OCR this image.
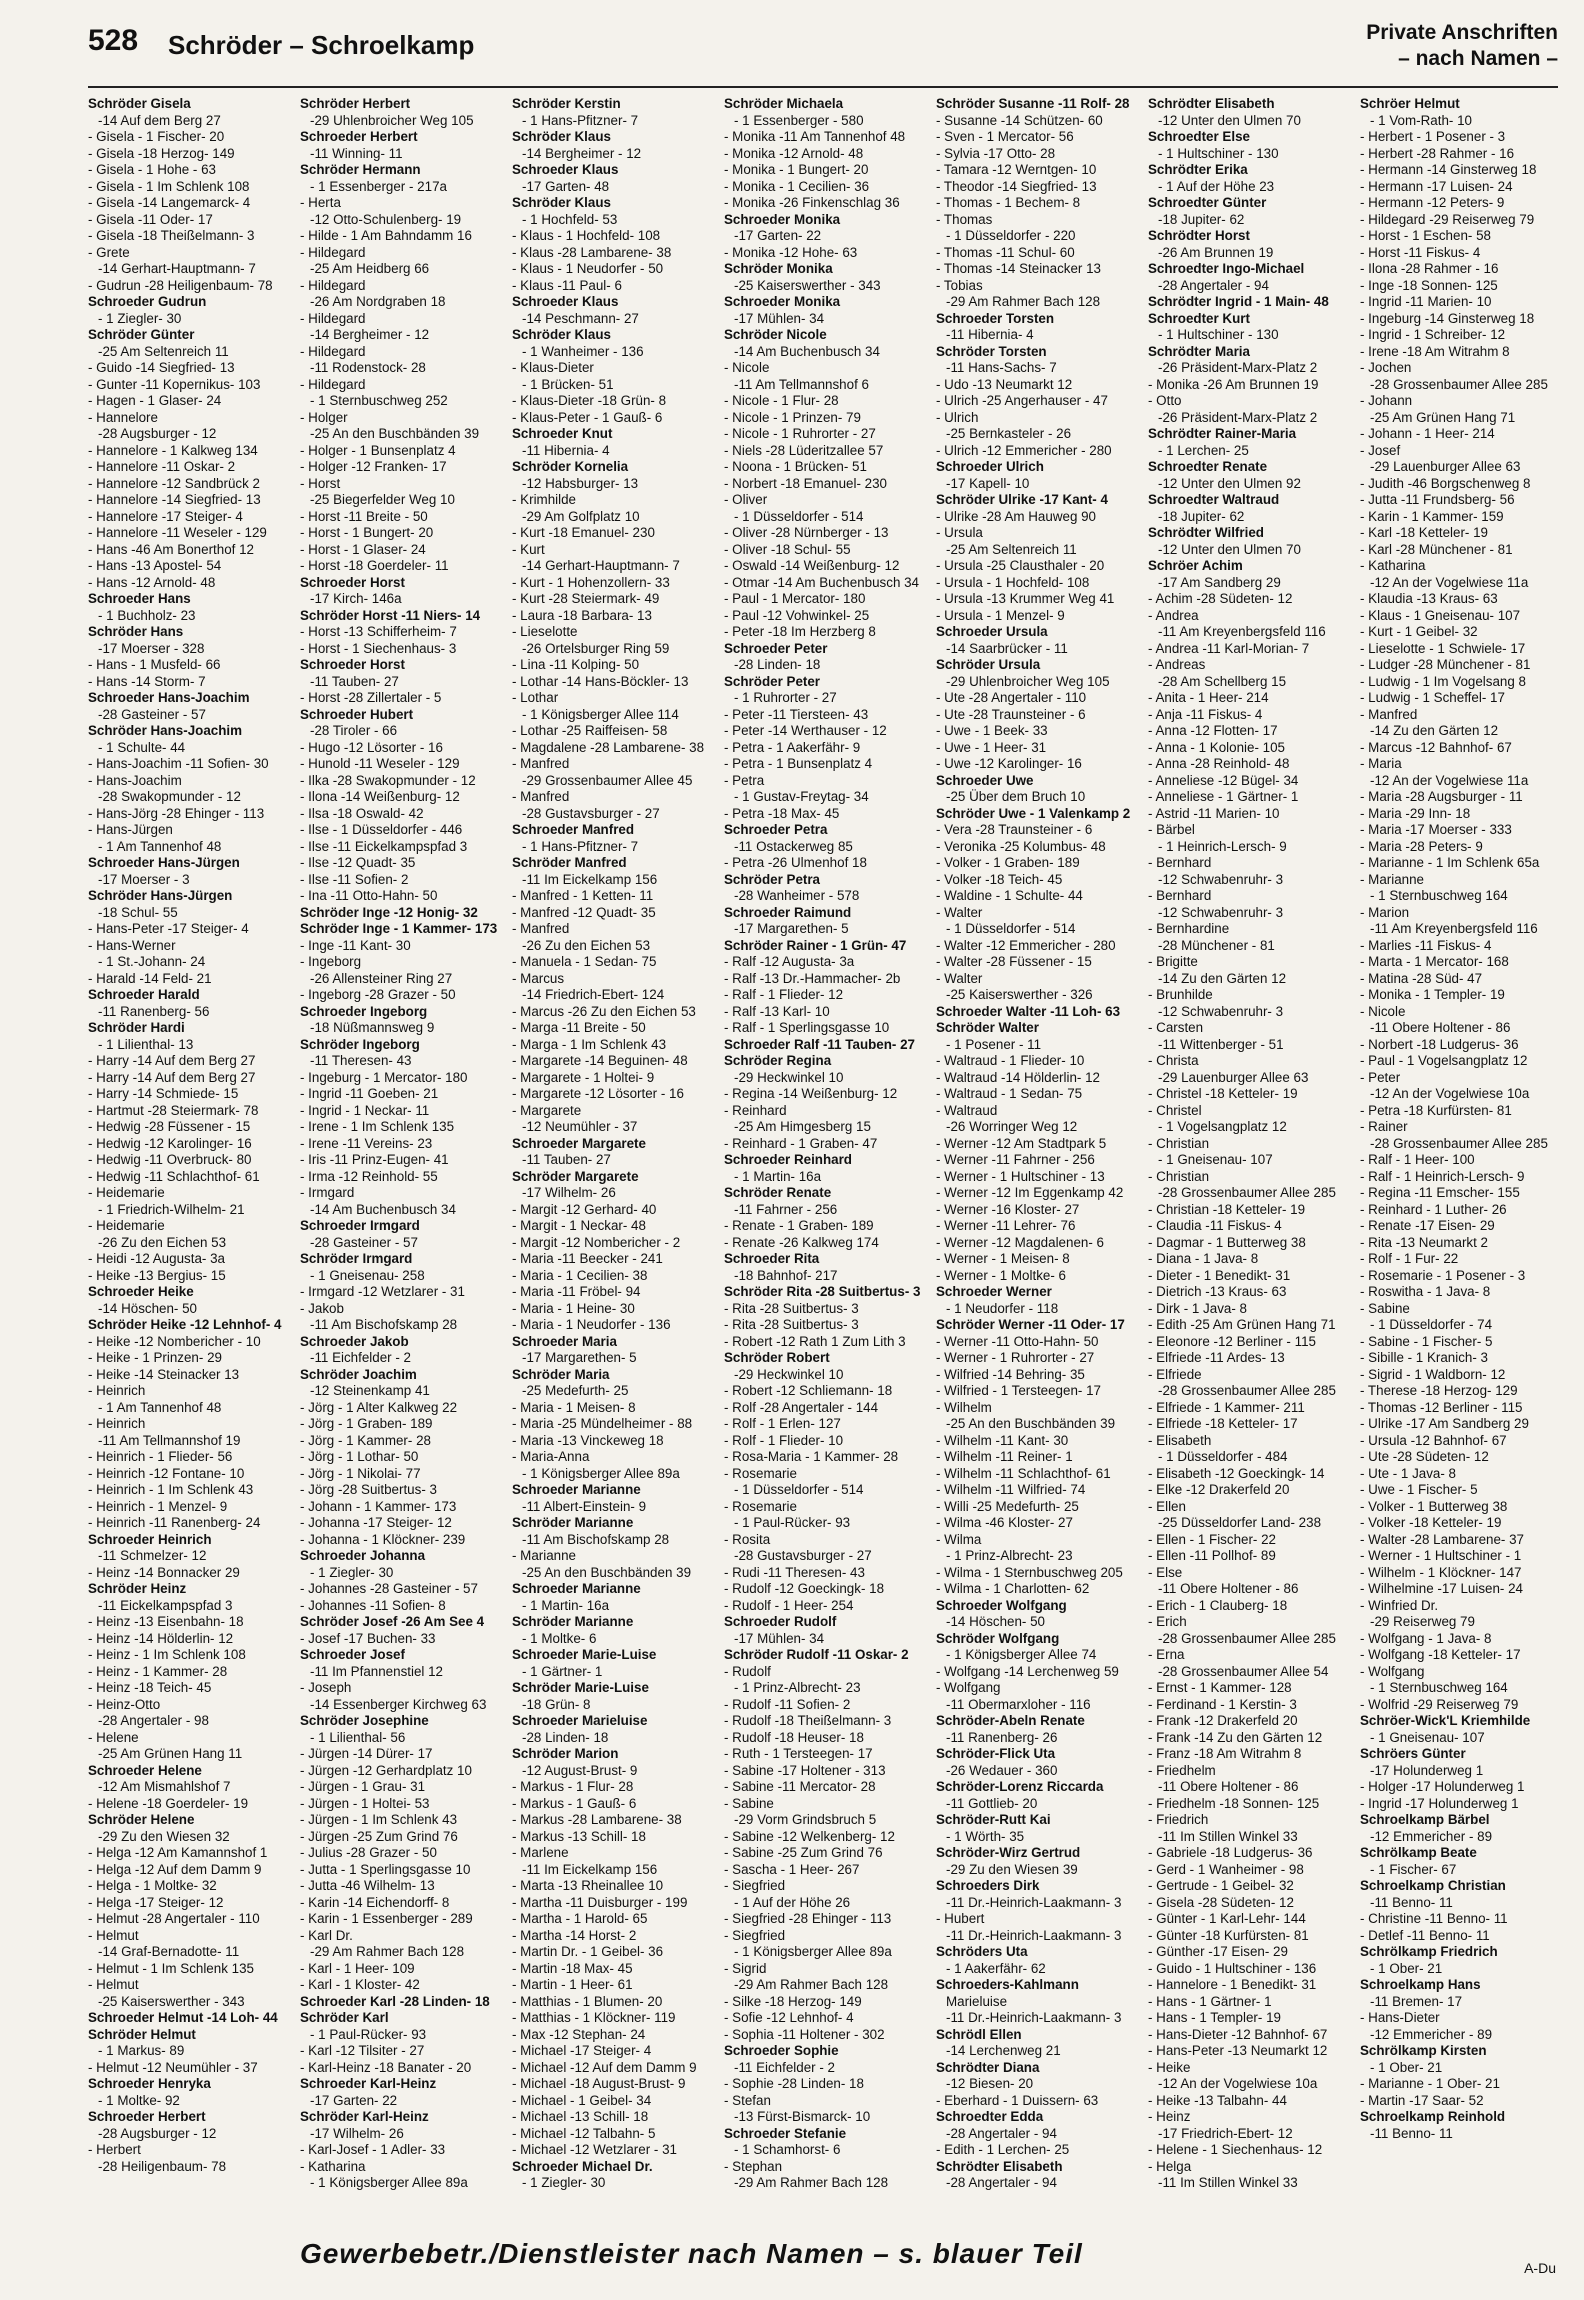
528 Schröder – Schroelkamp	Private Anschriften
– nach Namen –
Schröder Gisela
-14 Auf dem Berg 27
- Gisela - 1 Fischer- 20
- Gisela -18 Herzog- 149
- Gisela - 1 Hohe - 63
- Gisela - 1 Im Schlenk 108
- Gisela -14 Langemarck- 4
- Gisela -11 Oder- 17
- Gisela -18 Theißelmann- 3
- Grete
-14 Gerhart-Hauptmann- 7
- Gudrun -28 Heiligenbaum- 78
Schroeder Gudrun
- 1 Ziegler- 30
Schröder Günter
-25 Am Seltenreich 11
- Guido -14 Siegfried- 13
- Gunter -11 Kopernikus- 103
- Hagen - 1 Glaser- 24
- Hannelore
-28 Augsburger - 12
- Hannelore - 1 Kalkweg 134
- Hannelore -11 Oskar- 2
- Hannelore -12 Sandbrück 2
- Hannelore -14 Siegfried- 13
- Hannelore -17 Steiger- 4
- Hannelore -11 Weseler - 129
- Hans -46 Am Bonerthof 12
- Hans -13 Apostel- 54
- Hans -12 Arnold- 48
Schroeder Hans
- 1 Buchholz- 23
Schröder Hans
-17 Moerser - 328
- Hans - 1 Musfeld- 66
- Hans -14 Storm- 7
Schroeder Hans-Joachim
-28 Gasteiner - 57
Schröder Hans-Joachim
- 1 Schulte- 44
- Hans-Joachim -11 Sofien- 30
- Hans-Joachim
-28 Swakopmunder - 12
- Hans-Jörg -28 Ehinger - 113
- Hans-Jürgen
- 1 Am Tannenhof 48
Schroeder Hans-Jürgen
-17 Moerser - 3
Schröder Hans-Jürgen
-18 Schul- 55
- Hans-Peter -17 Steiger- 4
- Hans-Werner
- 1 St.-Johann- 24
- Harald -14 Feld- 21
Schroeder Harald
-11 Ranenberg- 56
Schröder Hardi
- 1 Lilienthal- 13
- Harry -14 Auf dem Berg 27
- Harry -14 Auf dem Berg 27
- Harry -14 Schmiede- 15
- Hartmut -28 Steiermark- 78
- Hedwig -28 Füssener - 15
- Hedwig -12 Karolinger- 16
- Hedwig -11 Overbruck- 80
- Hedwig -11 Schlachthof- 61
- Heidemarie
- 1 Friedrich-Wilhelm- 21
- Heidemarie
-26 Zu den Eichen 53
- Heidi -12 Augusta- 3a
- Heike -13 Bergius- 15
Schroeder Heike
-14 Höschen- 50
Schröder Heike -12 Lehnhof- 4
- Heike -12 Nombericher - 10
- Heike - 1 Prinzen- 29
- Heike -14 Steinacker 13
- Heinrich
- 1 Am Tannenhof 48
- Heinrich
-11 Am Tellmannshof 19
- Heinrich - 1 Flieder- 56
- Heinrich -12 Fontane- 10
- Heinrich - 1 Im Schlenk 43
- Heinrich - 1 Menzel- 9
- Heinrich -11 Ranenberg- 24
Schroeder Heinrich
-11 Schmelzer- 12
- Heinz -14 Bonnacker 29
Schröder Heinz
-11 Eickelkampspfad 3
- Heinz -13 Eisenbahn- 18
- Heinz -14 Hölderlin- 12
- Heinz - 1 Im Schlenk 108
- Heinz - 1 Kammer- 28
- Heinz -18 Teich- 45
- Heinz-Otto
-28 Angertaler - 98
- Helene
-25 Am Grünen Hang 11
Schroeder Helene
-12 Am Mismahlshof 7
- Helene -18 Goerdeler- 19
Schröder Helene
-29 Zu den Wiesen 32
- Helga -12 Am Kamannshof 1
- Helga -12 Auf dem Damm 9
- Helga - 1 Moltke- 32
- Helga -17 Steiger- 12
- Helmut -28 Angertaler - 110
- Helmut
-14 Graf-Bernadotte- 11
- Helmut - 1 Im Schlenk 135
- Helmut
-25 Kaiserswerther - 343
Schroeder Helmut -14 Loh- 44
Schröder Helmut
- 1 Markus- 89
- Helmut -12 Neumühler - 37
Schroeder Henryka
- 1 Moltke- 92
Schroeder Herbert
-28 Augsburger - 12
- Herbert
-28 Heiligenbaum- 78
Schröder Herbert
-29 Uhlenbroicher Weg 105
Schroeder Herbert
-11 Winning- 11
Schröder Hermann
- 1 Essenberger - 217a
- Herta
-12 Otto-Schulenberg- 19
- Hilde - 1 Am Bahndamm 16
- Hildegard
-25 Am Heidberg 66
- Hildegard
-26 Am Nordgraben 18
- Hildegard
-14 Bergheimer - 12
- Hildegard
-11 Rodenstock- 28
- Hildegard
- 1 Sternbuschweg 252
- Holger
-25 An den Buschbänden 39
- Holger - 1 Bunsenplatz 4
- Holger -12 Franken- 17
- Horst
-25 Biegerfelder Weg 10
- Horst -11 Breite - 50
- Horst - 1 Bungert- 20
- Horst - 1 Glaser- 24
- Horst -18 Goerdeler- 11
Schroeder Horst
-17 Kirch- 146a
Schröder Horst -11 Niers- 14
- Horst -13 Schifferheim- 7
- Horst - 1 Siechenhaus- 3
Schroeder Horst
-11 Tauben- 27
- Horst -28 Zillertaler - 5
Schroeder Hubert
-28 Tiroler - 66
- Hugo -12 Lösorter - 16
- Hunold -11 Weseler - 129
- Ilka -28 Swakopmunder - 12
- Ilona -14 Weißenburg- 12
- Ilsa -18 Oswald- 42
- Ilse - 1 Düsseldorfer - 446
- Ilse -11 Eickelkampspfad 3
- Ilse -12 Quadt- 35
- Ilse -11 Sofien- 2
- Ina -11 Otto-Hahn- 50
Schröder Inge -12 Honig- 32
Schröder Inge - 1 Kammer- 173
- Inge -11 Kant- 30
- Ingeborg
-26 Allensteiner Ring 27
- Ingeborg -28 Grazer - 50
Schroeder Ingeborg
-18 Nüßmannsweg 9
Schröder Ingeborg
-11 Theresen- 43
- Ingeburg - 1 Mercator- 180
- Ingrid -11 Goeben- 21
- Ingrid - 1 Neckar- 11
- Irene - 1 Im Schlenk 135
- Irene -11 Vereins- 23
- Iris -11 Prinz-Eugen- 41
- Irma -12 Reinhold- 55
- Irmgard
-14 Am Buchenbusch 34
Schroeder Irmgard
-28 Gasteiner - 57
Schröder Irmgard
- 1 Gneisenau- 258
- Irmgard -12 Wetzlarer - 31
- Jakob
-11 Am Bischofskamp 28
Schroeder Jakob
-11 Eichfelder - 2
Schröder Joachim
-12 Steinenkamp 41
- Jörg - 1 Alter Kalkweg 22
- Jörg - 1 Graben- 189
- Jörg - 1 Kammer- 28
- Jörg - 1 Lothar- 50
- Jörg - 1 Nikolai- 77
- Jörg -28 Suitbertus- 3
- Johann - 1 Kammer- 173
- Johanna -17 Steiger- 12
- Johanna - 1 Klöckner- 239
Schroeder Johanna
- 1 Ziegler- 30
- Johannes -28 Gasteiner - 57
- Johannes -11 Sofien- 8
Schröder Josef -26 Am See 4
- Josef -17 Buchen- 33
Schroeder Josef
-11 Im Pfannenstiel 12
- Joseph
-14 Essenberger Kirchweg 63
Schröder Josephine
- 1 Lilienthal- 56
- Jürgen -14 Dürer- 17
- Jürgen -12 Gerhardplatz 10
- Jürgen - 1 Grau- 31
- Jürgen - 1 Holtei- 53
- Jürgen - 1 Im Schlenk 43
- Jürgen -25 Zum Grind 76
- Julius -28 Grazer - 50
- Jutta - 1 Sperlingsgasse 10
- Jutta -46 Wilhelm- 13
- Karin -14 Eichendorff- 8
- Karin - 1 Essenberger - 289
- Karl Dr.
-29 Am Rahmer Bach 128
- Karl - 1 Heer- 109
- Karl - 1 Kloster- 42
Schroeder Karl -28 Linden- 18
Schröder Karl
- 1 Paul-Rücker- 93
- Karl -12 Tilsiter - 27
- Karl-Heinz -18 Banater - 20
Schroeder Karl-Heinz
-17 Garten- 22
Schröder Karl-Heinz
-17 Wilhelm- 26
- Karl-Josef - 1 Adler- 33
- Katharina
- 1 Königsberger Allee 89a
Schröder Kerstin
- 1 Hans-Pfitzner- 7
Schröder Klaus
-14 Bergheimer - 12
Schroeder Klaus
-17 Garten- 48
Schröder Klaus
- 1 Hochfeld- 53
- Klaus - 1 Hochfeld- 108
- Klaus -28 Lambarene- 38
- Klaus - 1 Neudorfer - 50
- Klaus -11 Paul- 6
Schroeder Klaus
-14 Peschmann- 27
Schröder Klaus
- 1 Wanheimer - 136
- Klaus-Dieter
- 1 Brücken- 51
- Klaus-Dieter -18 Grün- 8
- Klaus-Peter - 1 Gauß- 6
Schroeder Knut
-11 Hibernia- 4
Schröder Kornelia
-12 Habsburger- 13
- Krimhilde
-29 Am Golfplatz 10
- Kurt -18 Emanuel- 230
- Kurt
-14 Gerhart-Hauptmann- 7
- Kurt - 1 Hohenzollern- 33
- Kurt -28 Steiermark- 49
- Laura -18 Barbara- 13
- Lieselotte
-26 Ortelsburger Ring 59
- Lina -11 Kolping- 50
- Lothar -14 Hans-Böckler- 13
- Lothar
- 1 Königsberger Allee 114
- Lothar -25 Raiffeisen- 58
- Magdalene -28 Lambarene- 38
- Manfred
-29 Grossenbaumer Allee 45
- Manfred
-28 Gustavsburger - 27
Schroeder Manfred
- 1 Hans-Pfitzner- 7
Schröder Manfred
-11 Im Eickelkamp 156
- Manfred - 1 Ketten- 11
- Manfred -12 Quadt- 35
- Manfred
-26 Zu den Eichen 53
- Manuela - 1 Sedan- 75
- Marcus
-14 Friedrich-Ebert- 124
- Marcus -26 Zu den Eichen 53
- Marga -11 Breite - 50
- Marga - 1 Im Schlenk 43
- Margarete -14 Beguinen- 48
- Margarete - 1 Holtei- 9
- Margarete -12 Lösorter - 16
- Margarete
-12 Neumühler - 37
Schroeder Margarete
-11 Tauben- 27
Schröder Margarete
-17 Wilhelm- 26
- Margit -12 Gerhard- 40
- Margit - 1 Neckar- 48
- Margit -12 Nombericher - 2
- Maria -11 Beecker - 241
- Maria - 1 Cecilien- 38
- Maria -11 Fröbel- 94
- Maria - 1 Heine- 30
- Maria - 1 Neudorfer - 136
Schroeder Maria
-17 Margarethen- 5
Schröder Maria
-25 Medefurth- 25
- Maria - 1 Meisen- 8
- Maria -25 Mündelheimer - 88
- Maria -13 Vinckeweg 18
- Maria-Anna
- 1 Königsberger Allee 89a
Schroeder Marianne
-11 Albert-Einstein- 9
Schröder Marianne
-11 Am Bischofskamp 28
- Marianne
-25 An den Buschbänden 39
Schroeder Marianne
- 1 Martin- 16a
Schröder Marianne
- 1 Moltke- 6
Schroeder Marie-Luise
- 1 Gärtner- 1
Schröder Marie-Luise
-18 Grün- 8
Schroeder Marieluise
-28 Linden- 18
Schröder Marion
-12 August-Brust- 9
- Markus - 1 Flur- 28
- Markus - 1 Gauß- 6
- Markus -28 Lambarene- 38
- Markus -13 Schill- 18
- Marlene
-11 Im Eickelkamp 156
- Marta -13 Rheinallee 10
- Martha -11 Duisburger - 199
- Martha - 1 Harold- 65
- Martha -14 Horst- 2
- Martin Dr. - 1 Geibel- 36
- Martin -18 Max- 45
- Martin - 1 Heer- 61
- Matthias - 1 Blumen- 20
- Matthias - 1 Klöckner- 119
- Max -12 Stephan- 24
- Michael -17 Steiger- 4
- Michael -12 Auf dem Damm 9
- Michael -18 August-Brust- 9
- Michael - 1 Geibel- 34
- Michael -13 Schill- 18
- Michael -12 Talbahn- 5
- Michael -12 Wetzlarer - 31
Schroeder Michael Dr.
- 1 Ziegler- 30
Schröder Michaela
- 1 Essenberger - 580
- Monika -11 Am Tannenhof 48
- Monika -12 Arnold- 48
- Monika - 1 Bungert- 20
- Monika - 1 Cecilien- 36
- Monika -26 Finkenschlag 36
Schroeder Monika
-17 Garten- 22
- Monika -12 Hohe- 63
Schröder Monika
-25 Kaiserswerther - 343
Schroeder Monika
-17 Mühlen- 34
Schröder Nicole
-14 Am Buchenbusch 34
- Nicole
-11 Am Tellmannshof 6
- Nicole - 1 Flur- 28
- Nicole - 1 Prinzen- 79
- Nicole - 1 Ruhrorter - 27
- Niels -28 Lüderitzallee 57
- Noona - 1 Brücken- 51
- Norbert -18 Emanuel- 230
- Oliver
- 1 Düsseldorfer - 514
- Oliver -28 Nürnberger - 13
- Oliver -18 Schul- 55
- Oswald -14 Weißenburg- 12
- Otmar -14 Am Buchenbusch 34
- Paul - 1 Mercator- 180
- Paul -12 Vohwinkel- 25
- Peter -18 Im Herzberg 8
Schroeder Peter
-28 Linden- 18
Schröder Peter
- 1 Ruhrorter - 27
- Peter -11 Tiersteen- 43
- Peter -14 Werthauser - 12
- Petra - 1 Aakerfähr- 9
- Petra - 1 Bunsenplatz 4
- Petra
- 1 Gustav-Freytag- 34
- Petra -18 Max- 45
Schroeder Petra
-11 Ostackerweg 85
- Petra -26 Ulmenhof 18
Schröder Petra
-28 Wanheimer - 578
Schroeder Raimund
-17 Margarethen- 5
Schröder Rainer - 1 Grün- 47
- Ralf -12 Augusta- 3a
- Ralf -13 Dr.-Hammacher- 2b
- Ralf - 1 Flieder- 12
- Ralf -13 Karl- 10
- Ralf - 1 Sperlingsgasse 10
Schroeder Ralf -11 Tauben- 27
Schröder Regina
-29 Heckwinkel 10
- Regina -14 Weißenburg- 12
- Reinhard
-25 Am Himgesberg 15
- Reinhard - 1 Graben- 47
Schroeder Reinhard
- 1 Martin- 16a
Schröder Renate
-11 Fahrner - 256
- Renate - 1 Graben- 189
- Renate -26 Kalkweg 174
Schroeder Rita
-18 Bahnhof- 217
Schröder Rita -28 Suitbertus- 3
- Rita -28 Suitbertus- 3
- Rita -28 Suitbertus- 3
- Robert -12 Rath 1 Zum Lith 3
Schröder Robert
-29 Heckwinkel 10
- Robert -12 Schliemann- 18
- Rolf -28 Angertaler - 144
- Rolf - 1 Erlen- 127
- Rolf - 1 Flieder- 10
- Rosa-Maria - 1 Kammer- 28
- Rosemarie
- 1 Düsseldorfer - 514
- Rosemarie
- 1 Paul-Rücker- 93
- Rosita
-28 Gustavsburger - 27
- Rudi -11 Theresen- 43
- Rudolf -12 Goeckingk- 18
- Rudolf - 1 Heer- 254
Schroeder Rudolf
-17 Mühlen- 34
Schröder Rudolf -11 Oskar- 2
- Rudolf
- 1 Prinz-Albrecht- 23
- Rudolf -11 Sofien- 2
- Rudolf -18 Theißelmann- 3
- Rudolf -18 Heuser- 18
- Ruth - 1 Tersteegen- 17
- Sabine -17 Holtener - 313
- Sabine -11 Mercator- 28
- Sabine
-29 Vorm Grindsbruch 5
- Sabine -12 Welkenberg- 12
- Sabine -25 Zum Grind 76
- Sascha - 1 Heer- 267
- Siegfried
- 1 Auf der Höhe 26
- Siegfried -28 Ehinger - 113
- Siegfried
- 1 Königsberger Allee 89a
- Sigrid
-29 Am Rahmer Bach 128
- Silke -18 Herzog- 149
- Sofie -12 Lehnhof- 4
- Sophia -11 Holtener - 302
Schroeder Sophie
-11 Eichfelder - 2
- Sophie -28 Linden- 18
- Stefan
-13 Fürst-Bismarck- 10
Schroeder Stefanie
- 1 Schamhorst- 6
- Stephan
-29 Am Rahmer Bach 128
Schröder Susanne -11 Rolf- 28
- Susanne -14 Schützen- 60
- Sven - 1 Mercator- 56
- Sylvia -17 Otto- 28
- Tamara -12 Werntgen- 10
- Theodor -14 Siegfried- 13
- Thomas - 1 Bechem- 8
- Thomas
- 1 Düsseldorfer - 220
- Thomas -11 Schul- 60
- Thomas -14 Steinacker 13
- Tobias
-29 Am Rahmer Bach 128
Schroeder Torsten
-11 Hibernia- 4
Schröder Torsten
-11 Hans-Sachs- 7
- Udo -13 Neumarkt 12
- Ulrich -25 Angerhauser - 47
- Ulrich
-25 Bernkasteler - 26
- Ulrich -12 Emmericher - 280
Schroeder Ulrich
-17 Kapell- 10
Schröder Ulrike -17 Kant- 4
- Ulrike -28 Am Hauweg 90
- Ursula
-25 Am Seltenreich 11
- Ursula -25 Clausthaler - 20
- Ursula - 1 Hochfeld- 108
- Ursula -13 Krummer Weg 41
- Ursula - 1 Menzel- 9
Schroeder Ursula
-14 Saarbrücker - 11
Schröder Ursula
-29 Uhlenbroicher Weg 105
- Ute -28 Angertaler - 110
- Ute -28 Traunsteiner - 6
- Uwe - 1 Beek- 33
- Uwe - 1 Heer- 31
- Uwe -12 Karolinger- 16
Schroeder Uwe
-25 Über dem Bruch 10
Schröder Uwe - 1 Valenkamp 2
- Vera -28 Traunsteiner - 6
- Veronika -25 Kolumbus- 48
- Volker - 1 Graben- 189
- Volker -18 Teich- 45
- Waldine - 1 Schulte- 44
- Walter
- 1 Düsseldorfer - 514
- Walter -12 Emmericher - 280
- Walter -28 Füssener - 15
- Walter
-25 Kaiserswerther - 326
Schroeder Walter -11 Loh- 63
Schröder Walter
- 1 Posener - 11
- Waltraud - 1 Flieder- 10
- Waltraud -14 Hölderlin- 12
- Waltraud - 1 Sedan- 75
- Waltraud
-26 Worringer Weg 12
- Werner -12 Am Stadtpark 5
- Werner -11 Fahrner - 256
- Werner - 1 Hultschiner - 13
- Werner -12 Im Eggenkamp 42
- Werner -16 Kloster- 27
- Werner -11 Lehrer- 76
- Werner -12 Magdalenen- 6
- Werner - 1 Meisen- 8
- Werner - 1 Moltke- 6
Schroeder Werner
- 1 Neudorfer - 118
Schröder Werner -11 Oder- 17
- Werner -11 Otto-Hahn- 50
- Werner - 1 Ruhrorter - 27
- Wilfried -14 Behring- 35
- Wilfried - 1 Tersteegen- 17
- Wilhelm
-25 An den Buschbänden 39
- Wilhelm -11 Kant- 30
- Wilhelm -11 Reiner- 1
- Wilhelm -11 Schlachthof- 61
- Wilhelm -11 Wilfried- 74
- Willi -25 Medefurth- 25
- Wilma -46 Kloster- 27
- Wilma
- 1 Prinz-Albrecht- 23
- Wilma - 1 Sternbuschweg 205
- Wilma - 1 Charlotten- 62
Schroeder Wolfgang
-14 Höschen- 50
Schröder Wolfgang
- 1 Königsberger Allee 74
- Wolfgang -14 Lerchenweg 59
- Wolfgang
-11 Obermarxloher - 116
Schröder-Abeln Renate
-11 Ranenberg- 26
Schröder-Flick Uta
-26 Wedauer - 360
Schröder-Lorenz Riccarda
-11 Gottlieb- 20
Schröder-Rutt Kai
- 1 Wörth- 35
Schröder-Wirz Gertrud
-29 Zu den Wiesen 39
Schroeders Dirk
-11 Dr.-Heinrich-Laakmann- 3
- Hubert
-11 Dr.-Heinrich-Laakmann- 3
Schröders Uta
- 1 Aakerfähr- 62
Schroeders-Kahlmann
Marieluise
-11 Dr.-Heinrich-Laakmann- 3
Schrödl Ellen
-14 Lerchenweg 21
Schrödter Diana
-12 Biesen- 20
- Eberhard - 1 Duissern- 63
Schroedter Edda
-28 Angertaler - 94
- Edith - 1 Lerchen- 25
Schrödter Elisabeth
-28 Angertaler - 94
Schrödter Elisabeth
-12 Unter den Ulmen 70
Schroedter Else
- 1 Hultschiner - 130
Schrödter Erika
- 1 Auf der Höhe 23
Schroedter Günter
-18 Jupiter- 62
Schrödter Horst
-26 Am Brunnen 19
Schroedter Ingo-Michael
-28 Angertaler - 94
Schrödter Ingrid - 1 Main- 48
Schroedter Kurt
- 1 Hultschiner - 130
Schrödter Maria
-26 Präsident-Marx-Platz 2
- Monika -26 Am Brunnen 19
- Otto
-26 Präsident-Marx-Platz 2
Schrödter Rainer-Maria
- 1 Lerchen- 25
Schroedter Renate
-12 Unter den Ulmen 92
Schroedter Waltraud
-18 Jupiter- 62
Schrödter Wilfried
-12 Unter den Ulmen 70
Schröer Achim
-17 Am Sandberg 29
- Achim -28 Südeten- 12
- Andrea
-11 Am Kreyenbergsfeld 116
- Andrea -11 Karl-Morian- 7
- Andreas
-28 Am Schellberg 15
- Anita - 1 Heer- 214
- Anja -11 Fiskus- 4
- Anna -12 Flotten- 17
- Anna - 1 Kolonie- 105
- Anna -28 Reinhold- 48
- Anneliese -12 Bügel- 34
- Anneliese - 1 Gärtner- 1
- Astrid -11 Marien- 10
- Bärbel
- 1 Heinrich-Lersch- 9
- Bernhard
-12 Schwabenruhr- 3
- Bernhard
-12 Schwabenruhr- 3
- Bernhardine
-28 Münchener - 81
- Brigitte
-14 Zu den Gärten 12
- Brunhilde
-12 Schwabenruhr- 3
- Carsten
-11 Wittenberger - 51
- Christa
-29 Lauenburger Allee 63
- Christel -18 Ketteler- 19
- Christel
- 1 Vogelsangplatz 12
- Christian
- 1 Gneisenau- 107
- Christian
-28 Grossenbaumer Allee 285
- Christian -18 Ketteler- 19
- Claudia -11 Fiskus- 4
- Dagmar - 1 Butterweg 38
- Diana - 1 Java- 8
- Dieter - 1 Benedikt- 31
- Dietrich -13 Kraus- 63
- Dirk - 1 Java- 8
- Edith -25 Am Grünen Hang 71
- Eleonore -12 Berliner - 115
- Elfriede -11 Ardes- 13
- Elfriede
-28 Grossenbaumer Allee 285
- Elfriede - 1 Kammer- 211
- Elfriede -18 Ketteler- 17
- Elisabeth
- 1 Düsseldorfer - 484
- Elisabeth -12 Goeckingk- 14
- Elke -12 Drakerfeld 20
- Ellen
-25 Düsseldorfer Land- 238
- Ellen - 1 Fischer- 22
- Ellen -11 Pollhof- 89
- Else
-11 Obere Holtener - 86
- Erich - 1 Clauberg- 18
- Erich
-28 Grossenbaumer Allee 285
- Erna
-28 Grossenbaumer Allee 54
- Ernst - 1 Kammer- 128
- Ferdinand - 1 Kerstin- 3
- Frank -12 Drakerfeld 20
- Frank -14 Zu den Gärten 12
- Franz -18 Am Witrahm 8
- Friedhelm
-11 Obere Holtener - 86
- Friedhelm -18 Sonnen- 125
- Friedrich
-11 Im Stillen Winkel 33
- Gabriele -18 Ludgerus- 36
- Gerd - 1 Wanheimer - 98
- Gertrude - 1 Geibel- 32
- Gisela -28 Südeten- 12
- Günter - 1 Karl-Lehr- 144
- Günter -18 Kurfürsten- 81
- Günther -17 Eisen- 29
- Guido - 1 Hultschiner - 136
- Hannelore - 1 Benedikt- 31
- Hans - 1 Gärtner- 1
- Hans - 1 Templer- 19
- Hans-Dieter -12 Bahnhof- 67
- Hans-Peter -13 Neumarkt 12
- Heike
-12 An der Vogelwiese 10a
- Heike -13 Talbahn- 44
- Heinz
-17 Friedrich-Ebert- 12
- Helene - 1 Siechenhaus- 12
- Helga
-11 Im Stillen Winkel 33
Schröer Helmut
- 1 Vom-Rath- 10
- Herbert - 1 Posener - 3
- Herbert -28 Rahmer - 16
- Hermann -14 Ginsterweg 18
- Hermann -17 Luisen- 24
- Hermann -12 Peters- 9
- Hildegard -29 Reiserweg 79
- Horst - 1 Eschen- 58
- Horst -11 Fiskus- 4
- Ilona -28 Rahmer - 16
- Inge -18 Sonnen- 125
- Ingrid -11 Marien- 10
- Ingeburg -14 Ginsterweg 18
- Ingrid - 1 Schreiber- 12
- Irene -18 Am Witrahm 8
- Jochen
-28 Grossenbaumer Allee 285
- Johann
-25 Am Grünen Hang 71
- Johann - 1 Heer- 214
- Josef
-29 Lauenburger Allee 63
- Judith -46 Borgschenweg 8
- Jutta -11 Frundsberg- 56
- Karin - 1 Kammer- 159
- Karl -18 Ketteler- 19
- Karl -28 Münchener - 81
- Katharina
-12 An der Vogelwiese 11a
- Klaudia -13 Kraus- 63
- Klaus - 1 Gneisenau- 107
- Kurt - 1 Geibel- 32
- Lieselotte - 1 Schwiele- 17
- Ludger -28 Münchener - 81
- Ludwig - 1 Im Vogelsang 8
- Ludwig - 1 Scheffel- 17
- Manfred
-14 Zu den Gärten 12
- Marcus -12 Bahnhof- 67
- Maria
-12 An der Vogelwiese 11a
- Maria -28 Augsburger - 11
- Maria -29 Inn- 18
- Maria -17 Moerser - 333
- Maria -28 Peters- 9
- Marianne - 1 Im Schlenk 65a
- Marianne
- 1 Sternbuschweg 164
- Marion
-11 Am Kreyenbergsfeld 116
- Marlies -11 Fiskus- 4
- Marta - 1 Mercator- 168
- Matina -28 Süd- 47
- Monika - 1 Templer- 19
- Nicole
-11 Obere Holtener - 86
- Norbert -18 Ludgerus- 36
- Paul - 1 Vogelsangplatz 12
- Peter
-12 An der Vogelwiese 10a
- Petra -18 Kurfürsten- 81
- Rainer
-28 Grossenbaumer Allee 285
- Ralf - 1 Heer- 100
- Ralf - 1 Heinrich-Lersch- 9
- Regina -11 Emscher- 155
- Reinhard - 1 Luther- 26
- Renate -17 Eisen- 29
- Rita -13 Neumarkt 2
- Rolf - 1 Fur- 22
- Rosemarie - 1 Posener - 3
- Roswitha - 1 Java- 8
- Sabine
- 1 Düsseldorfer - 74
- Sabine - 1 Fischer- 5
- Sibille - 1 Kranich- 3
- Sigrid - 1 Waldborn- 12
- Therese -18 Herzog- 129
- Thomas -12 Berliner - 115
- Ulrike -17 Am Sandberg 29
- Ursula -12 Bahnhof- 67
- Ute -28 Südeten- 12
- Ute - 1 Java- 8
- Uwe - 1 Fischer- 5
- Volker - 1 Butterweg 38
- Volker -18 Ketteler- 19
- Walter -28 Lambarene- 37
- Werner - 1 Hultschiner - 1
- Wilhelm - 1 Klöckner- 147
- Wilhelmine -17 Luisen- 24
- Winfried Dr.
-29 Reiserweg 79
- Wolfgang - 1 Java- 8
- Wolfgang -18 Ketteler- 17
- Wolfgang
- 1 Sternbuschweg 164
- Wolfrid -29 Reiserweg 79
Schröer-Wick'L Kriemhilde
- 1 Gneisenau- 107
Schröers Günter
-17 Holunderweg 1
- Holger -17 Holunderweg 1
- Ingrid -17 Holunderweg 1
Schroelkamp Bärbel
-12 Emmericher - 89
Schrölkamp Beate
- 1 Fischer- 67
Schroelkamp Christian
-11 Benno- 11
- Christine -11 Benno- 11
- Detlef -11 Benno- 11
Schrölkamp Friedrich
- 1 Ober- 21
Schroelkamp Hans
-11 Bremen- 17
- Hans-Dieter
-12 Emmericher - 89
Schrölkamp Kirsten
- 1 Ober- 21
- Marianne - 1 Ober- 21
- Martin -17 Saar- 52
Schroelkamp Reinhold
-11 Benno- 11
Gewerbebetr./Dienstleister nach Namen – s. blauer Teil	A-Du
